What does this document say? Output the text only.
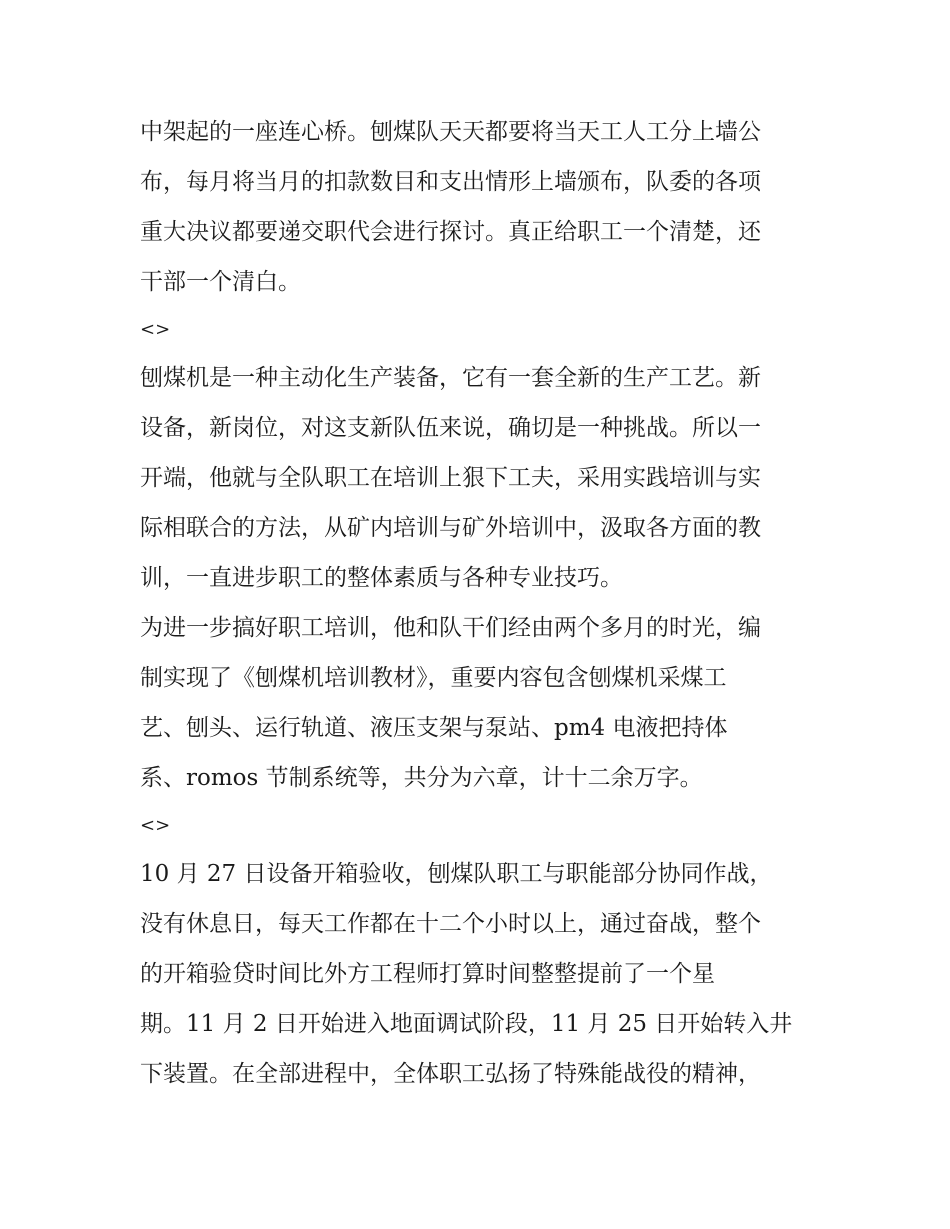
中架起的一座连心桥。刨煤队天天都要将当天工人工分上墙公
布，每月将当月的扣款数目和支出情形上墙颁布，队委的各项
重大决议都要递交职代会进行探讨。真正给职工一个清楚，还
干部一个清白。
<>
刨煤机是一种主动化生产装备，它有一套全新的生产工艺。新
设备，新岗位，对这支新队伍来说，确切是一种挑战。所以一
开端，他就与全队职工在培训上狠下工夫，采用实践培训与实
际相联合的方法，从矿内培训与矿外培训中，汲取各方面的教
训，一直进步职工的整体素质与各种专业技巧。
为进一步搞好职工培训，他和队干们经由两个多月的时光，编
制实现了《刨煤机培训教材》，重要内容包含刨煤机采煤工
艺、刨头、运行轨道、液压支架与泵站、pm4 电液把持体
系、romos 节制系统等，共分为六章，计十二余万字。
<>
10 月 27 日设备开箱验收，刨煤队职工与职能部分协同作战，
没有休息日，每天工作都在十二个小时以上，通过奋战，整个
的开箱验贷时间比外方工程师打算时间整整提前了一个星
期。11 月 2 日开始进入地面调试阶段，11 月 25 日开始转入井
下装置。在全部进程中，全体职工弘扬了特殊能战役的精神，
